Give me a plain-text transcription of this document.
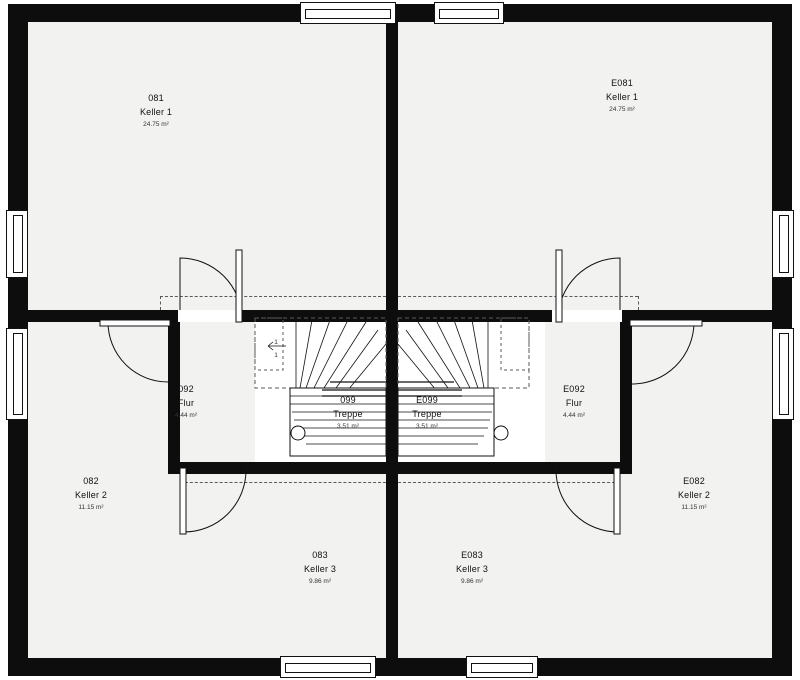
081
Keller 1
24.75 m²
E081
Keller 1
24.75 m²
092
Flur
4.44 m²
E092
Flur
4.44 m²
099
Treppe
3.51 m²
E099
Treppe
3.51 m²
082
Keller 2
11.15 m²
E082
Keller 2
11.15 m²
083
Keller 3
9.86 m²
E083
Keller 3
9.86 m²
1
1
